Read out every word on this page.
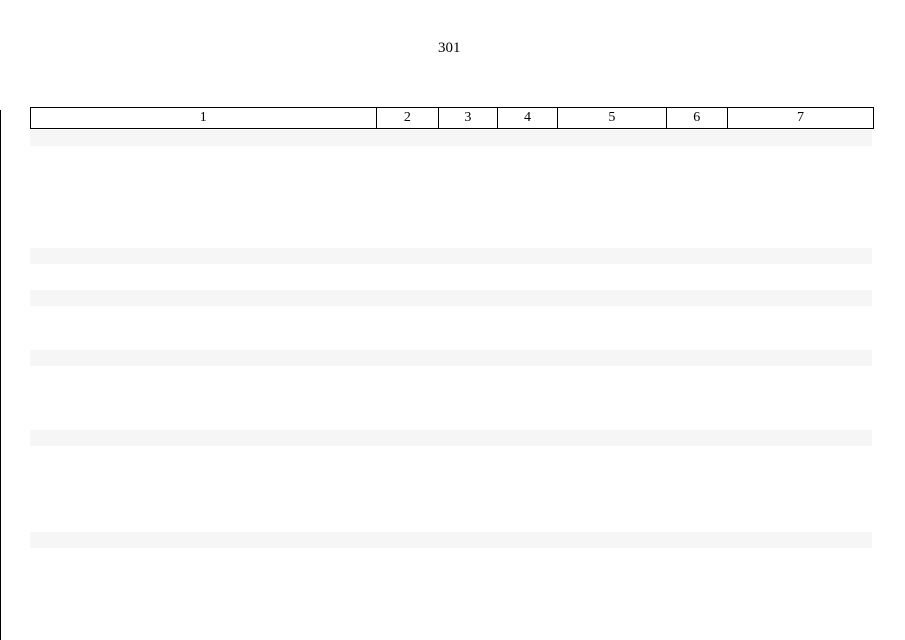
301
1	2	3	4	5	6	7
